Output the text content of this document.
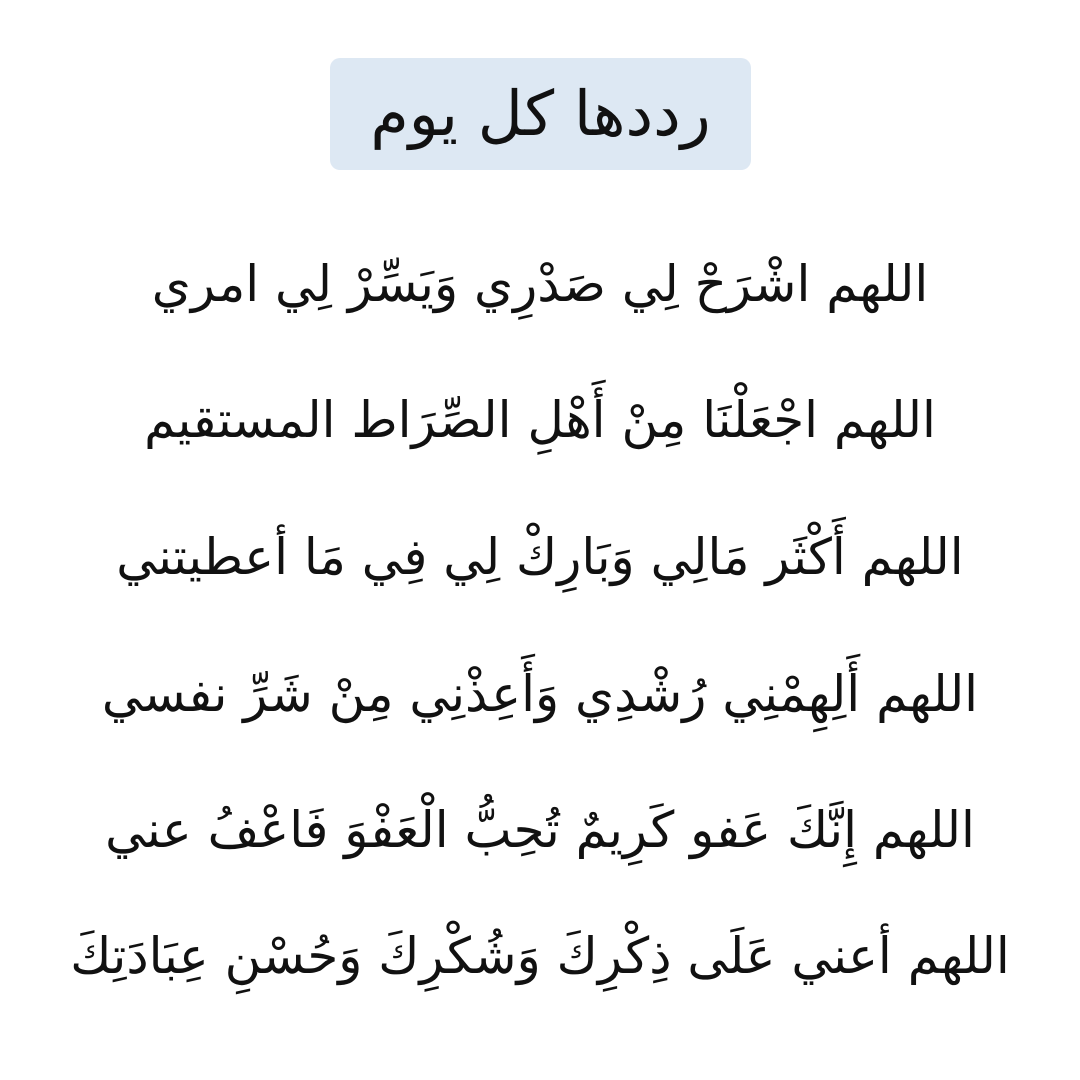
رددها كل يوم
اللهم اشْرَحْ لِي صَدْرِي وَيَسِّرْ لِي امري
اللهم اجْعَلْنَا مِنْ أَهْلِ الصِّرَاط المستقيم
اللهم أَكْثَر مَالِي وَبَارِكْ لِي فِي مَا أعطيتني
اللهم أَلِهِمْنِي رُشْدِي وَأَعِذْنِي مِنْ شَرِّ نفسي
اللهم إِنَّكَ عَفو كَرِيمٌ تُحِبُّ الْعَفْوَ فَاعْفُ عني
اللهم أعني عَلَى ذِكْرِكَ وَشُكْرِكَ وَحُسْنِ عِبَادَتِكَ
